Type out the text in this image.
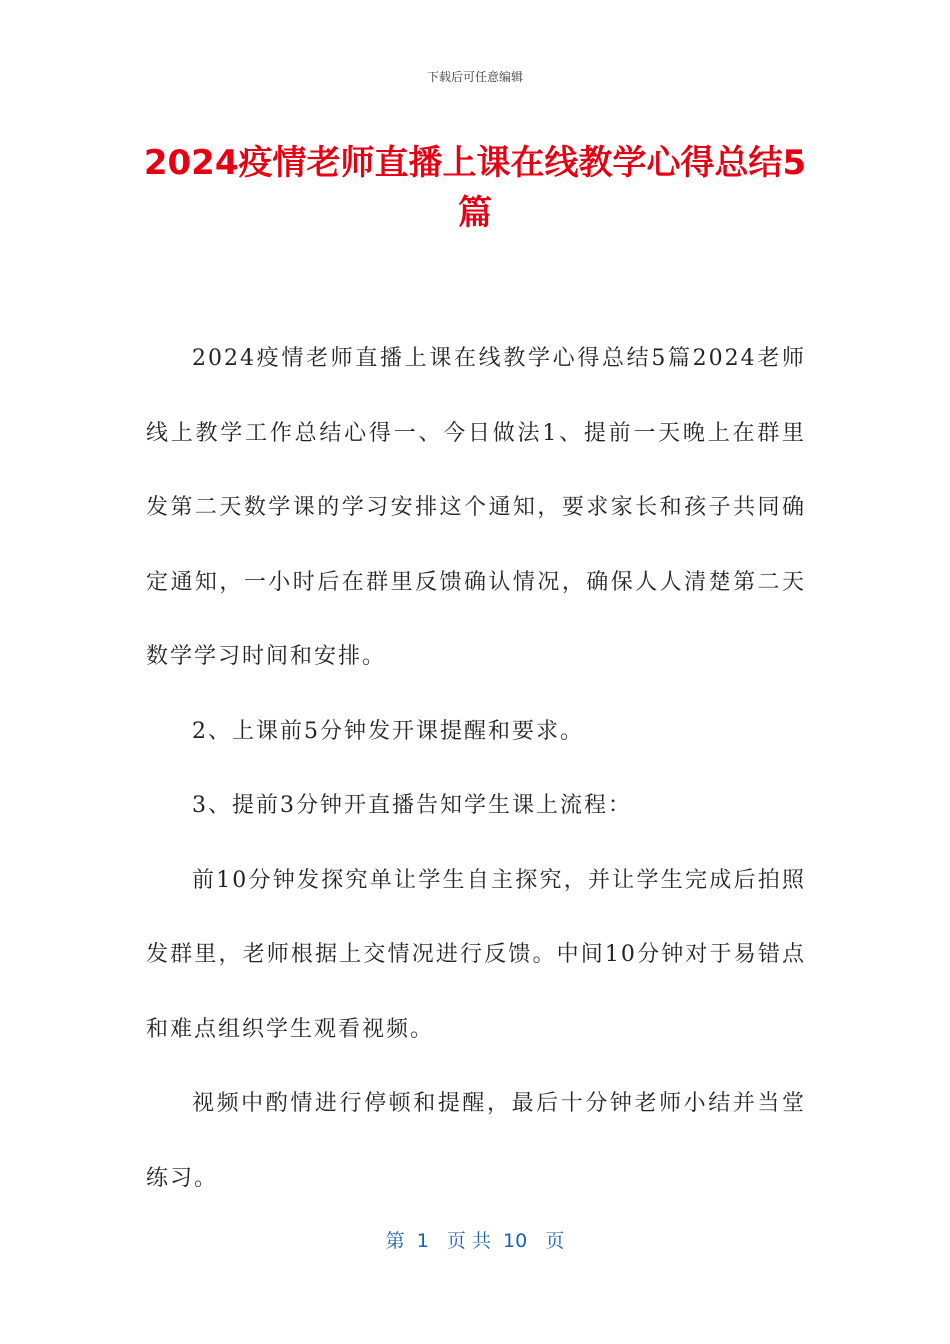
下载后可任意编辑
2024疫情老师直播上课在线教学心得总结5篇

2024疫情老师直播上课在线教学心得总结5篇2024老师线上教学工作总结心得一、今日做法1、提前一天晚上在群里发第二天数学课的学习安排这个通知，要求家长和孩子共同确定通知，一小时后在群里反馈确认情况，确保人人清楚第二天数学学习时间和安排。

2、上课前5分钟发开课提醒和要求。

3、提前3分钟开直播告知学生课上流程：

前10分钟发探究单让学生自主探究，并让学生完成后拍照发群里，老师根据上交情况进行反馈。中间10分钟对于易错点和难点组织学生观看视频。

视频中酌情进行停顿和提醒，最后十分钟老师小结并当堂练习。

第  1   页 共  10   页
